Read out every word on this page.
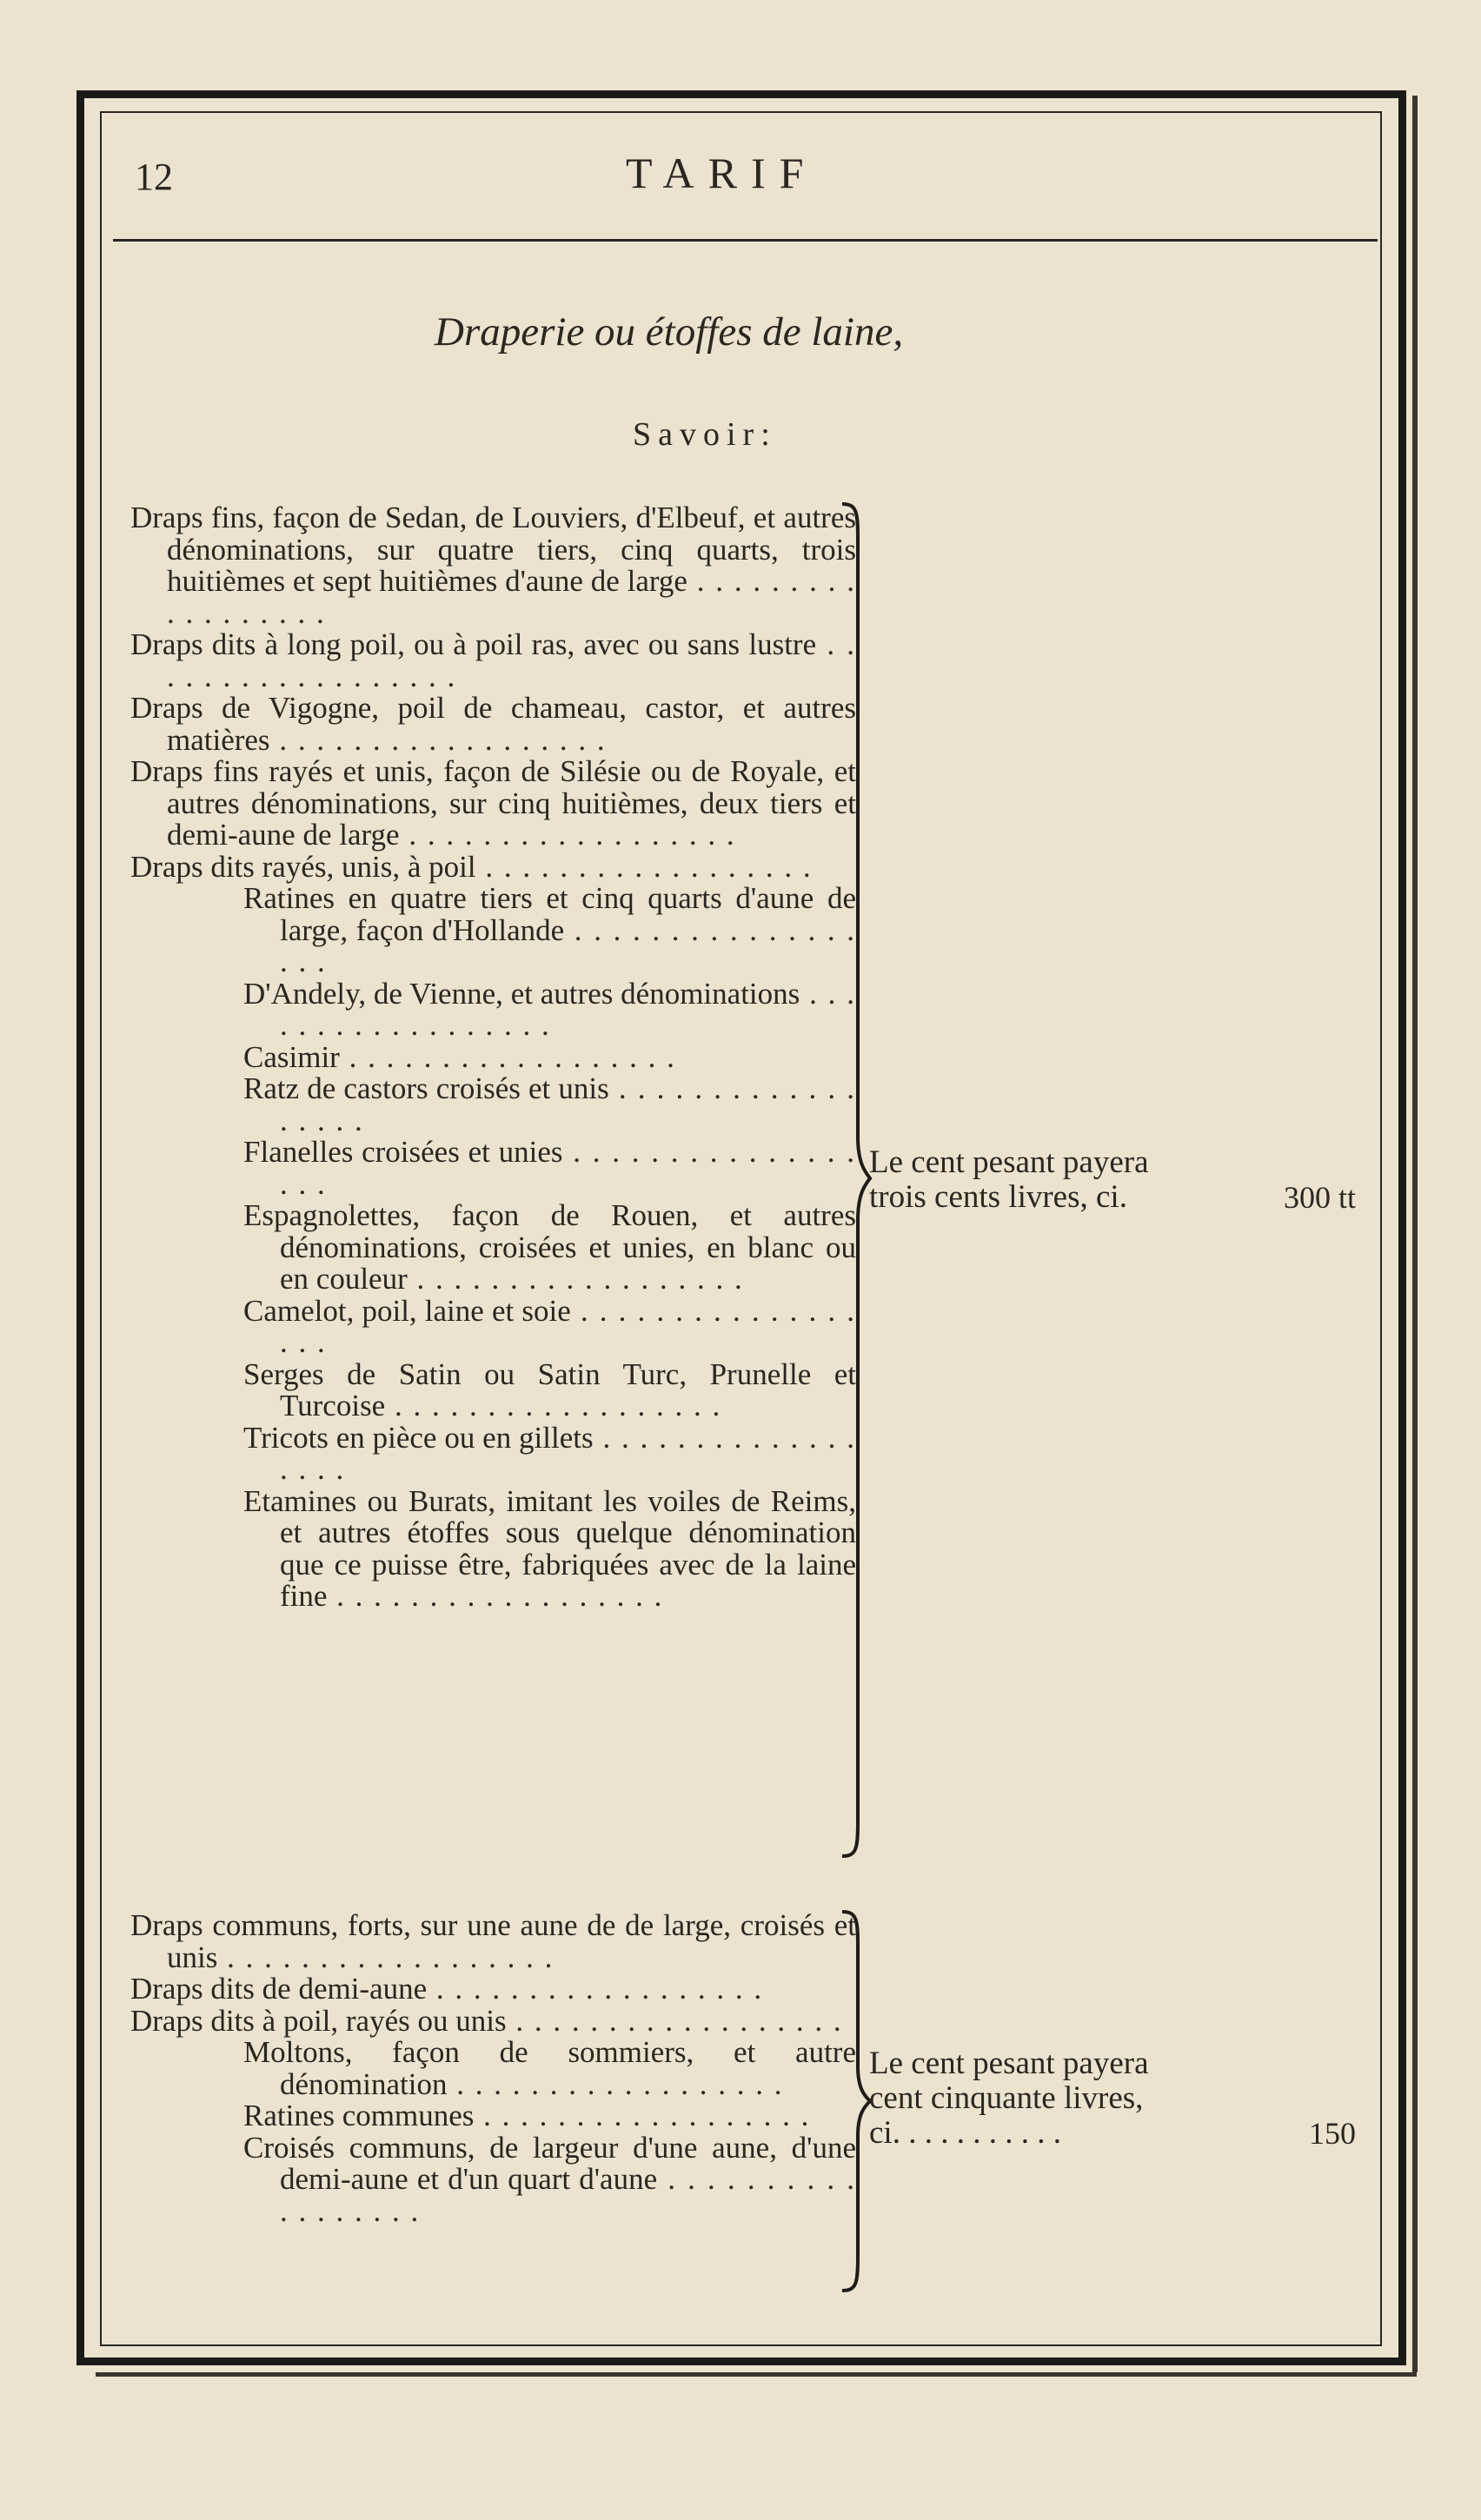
12	TARIF
Draperie ou étoffes de laine,
Savoir:
Draps fins, façon de Sedan, de Louviers, d'Elbeuf, et autres dénominations, sur quatre tiers, cinq quarts, trois huitièmes et sept huitièmes d'aune de large . . .
Draps dits à long poil, ou à poil ras, avec ou sans lustre . . .
Draps de Vigogne, poil de chameau, castor, et autres matières . . .
Draps fins rayés et unis, façon de Silésie ou de Royale, et autres dénominations, sur cinq huitièmes, deux tiers et demi-aune de large . . .
Draps dits rayés, unis, à poil . . .
Ratines en quatre tiers et cinq quarts d'aune de large, façon d'Hollande . . .
D'Andely, de Vienne, et autres dénominations . . .
Casimir . . .
Ratz de castors croisés et unis . . .
Flanelles croisées et unies . . .
Espagnolettes, façon de Rouen, et autres dénominations, croisées et unies, en blanc ou en couleur . . .
Camelot, poil, laine et soie . . .
Serges de Satin ou Satin Turc, Prunelle et Turcoise . . .
Tricots en pièce ou en gillets . . .
Etamines ou Burats, imitant les voiles de Reims, et autres étoffes sous quelque dénomination que ce puisse être, fabriquées avec de la laine fine . . .
Le cent pesant payera
trois cents livres, ci.	300 tt
Draps communs, forts, sur une aune de de large, croisés et unis . . .
Draps dits de demi-aune . . .
Draps dits à poil, rayés ou unis . . .
Moltons, façon de sommiers, et autre dénomination . . .
Ratines communes . . .
Croisés communs, de largeur d'une aune, d'une demi-aune et d'un quart d'aune . . .
Le cent pesant payera
cent cinquante livres,
ci. . . . . . . . . . .	150
